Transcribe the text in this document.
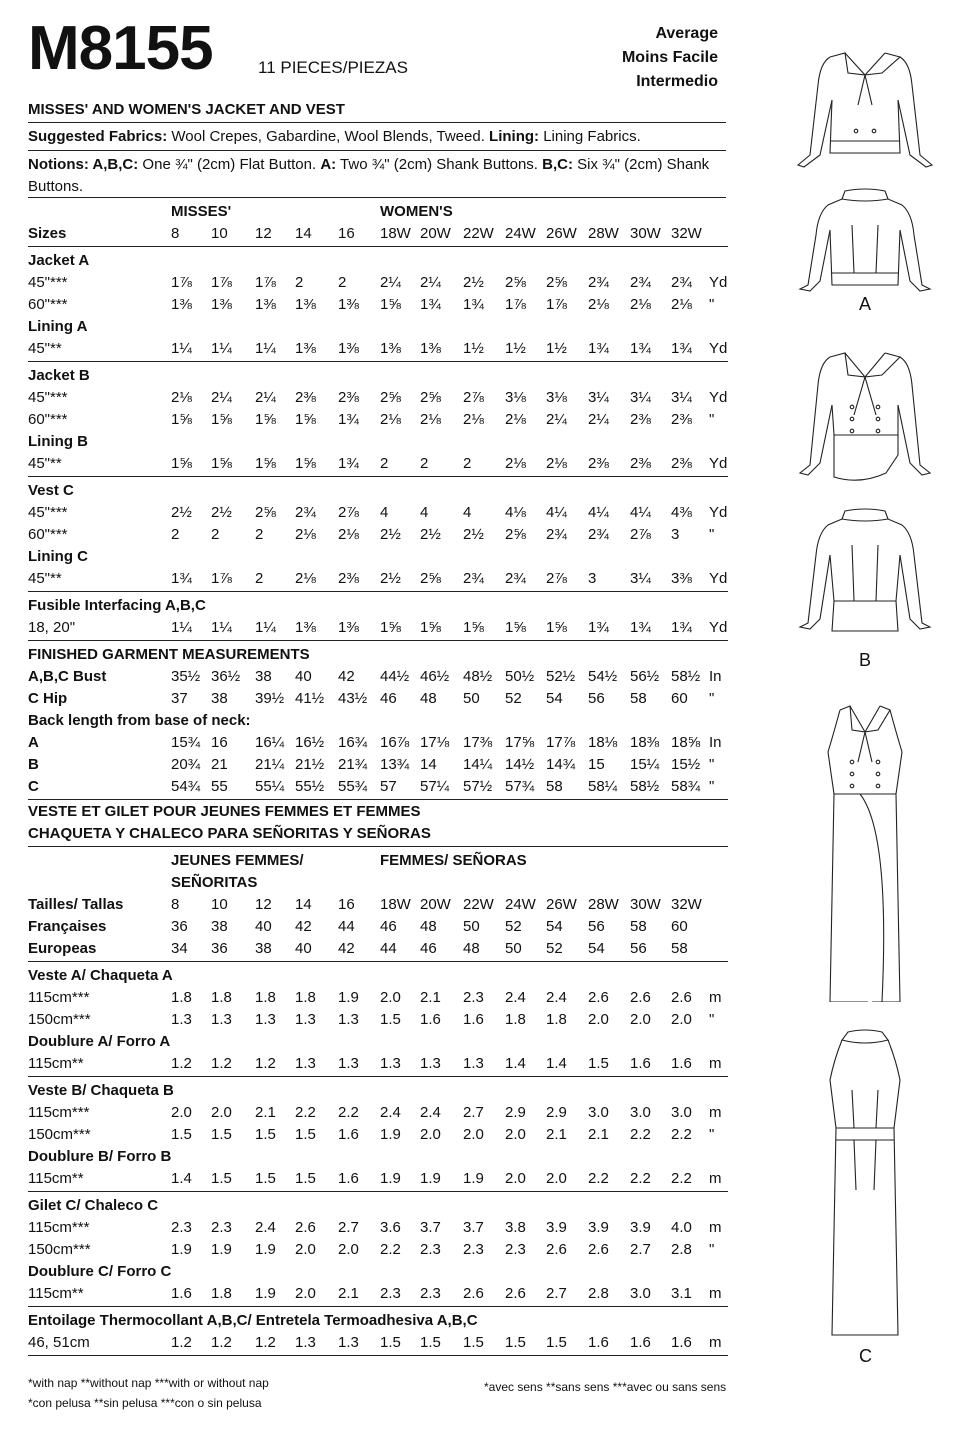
M8155	11 PIECES/PIEZAS
Average
Moins Facile
Intermedio
MISSES' AND WOMEN'S JACKET AND VEST
Suggested Fabrics: Wool Crepes, Gabardine, Wool Blends, Tweed. Lining: Lining Fabrics.
Notions: A,B,C: One ¾" (2cm) Flat Button. A: Two ¾" (2cm) Shank Buttons. B,C: Six ¾" (2cm) Shank Buttons.
MISSES'	WOMEN'S
Sizes	8 10 12 14 16 18W 20W 22W 24W 26W 28W 30W 32W
Jacket A
45"***	1⅞ 1⅞ 1⅞ 2 2 2¼ 2¼ 2½ 2⅝ 2⅝ 2¾ 2¾ 2¾ Yd
60"***	1⅜ 1⅜ 1⅜ 1⅜ 1⅜ 1⅝ 1¾ 1¾ 1⅞ 1⅞ 2⅛ 2⅛ 2⅛ "
Lining A
45"**	1¼ 1¼ 1¼ 1⅜ 1⅜ 1⅜ 1⅜ 1½ 1½ 1½ 1¾ 1¾ 1¾ Yd
Jacket B
45"***	2⅛ 2¼ 2¼ 2⅜ 2⅜ 2⅝ 2⅝ 2⅞ 3⅛ 3⅛ 3¼ 3¼ 3¼ Yd
60"***	1⅝ 1⅝ 1⅝ 1⅝ 1¾ 2⅛ 2⅛ 2⅛ 2⅛ 2¼ 2¼ 2⅜ 2⅜ "
Lining B
45"**	1⅝ 1⅝ 1⅝ 1⅝ 1¾ 2 2 2 2⅛ 2⅛ 2⅜ 2⅜ 2⅜ Yd
Vest C
45"***	2½ 2½ 2⅝ 2¾ 2⅞ 4 4 4 4⅛ 4¼ 4¼ 4¼ 4⅜ Yd
60"***	2 2 2 2⅛ 2⅛ 2½ 2½ 2½ 2⅝ 2¾ 2¾ 2⅞ 3 "
Lining C
45"**	1¾ 1⅞ 2 2⅛ 2⅜ 2½ 2⅝ 2¾ 2¾ 2⅞ 3 3¼ 3⅜ Yd
Fusible Interfacing A,B,C
18, 20"	1¼ 1¼ 1¼ 1⅜ 1⅜ 1⅝ 1⅝ 1⅝ 1⅝ 1⅝ 1¾ 1¾ 1¾ Yd
FINISHED GARMENT MEASUREMENTS
A,B,C Bust	35½ 36½ 38 40 42 44½ 46½ 48½ 50½ 52½ 54½ 56½ 58½ In
C Hip	37 38 39½ 41½ 43½ 46 48 50 52 54 56 58 60 "
Back length from base of neck:
A	15¾ 16 16¼ 16½ 16¾ 16⅞ 17⅛ 17⅜ 17⅝ 17⅞ 18⅛ 18⅜ 18⅝ In
B	20¾ 21 21¼ 21½ 21¾ 13¾ 14 14¼ 14½ 14¾ 15 15¼ 15½ "
C	54¾ 55 55¼ 55½ 55¾ 57 57¼ 57½ 57¾ 58 58¼ 58½ 58¾ "
VESTE ET GILET POUR JEUNES FEMMES ET FEMMES
CHAQUETA Y CHALECO PARA SEÑORITAS Y SEÑORAS
JEUNES FEMMES/	FEMMES/ SEÑORAS
SEÑORITAS
Tailles/ Tallas	8 10 12 14 16 18W 20W 22W 24W 26W 28W 30W 32W
Françaises	36 38 40 42 44 46 48 50 52 54 56 58 60
Europeas	34 36 38 40 42 44 46 48 50 52 54 56 58
Veste A/ Chaqueta A
115cm***	1.8 1.8 1.8 1.8 1.9 2.0 2.1 2.3 2.4 2.4 2.6 2.6 2.6 m
150cm***	1.3 1.3 1.3 1.3 1.3 1.5 1.6 1.6 1.8 1.8 2.0 2.0 2.0 "
Doublure A/ Forro A
115cm**	1.2 1.2 1.2 1.3 1.3 1.3 1.3 1.3 1.4 1.4 1.5 1.6 1.6 m
Veste B/ Chaqueta B
115cm***	2.0 2.0 2.1 2.2 2.2 2.4 2.4 2.7 2.9 2.9 3.0 3.0 3.0 m
150cm***	1.5 1.5 1.5 1.5 1.6 1.9 2.0 2.0 2.0 2.1 2.1 2.2 2.2 "
Doublure B/ Forro B
115cm**	1.4 1.5 1.5 1.5 1.6 1.9 1.9 1.9 2.0 2.0 2.2 2.2 2.2 m
Gilet C/ Chaleco C
115cm***	2.3 2.3 2.4 2.6 2.7 3.6 3.7 3.7 3.8 3.9 3.9 3.9 4.0 m
150cm***	1.9 1.9 1.9 2.0 2.0 2.2 2.3 2.3 2.3 2.6 2.6 2.7 2.8 "
Doublure C/ Forro C
115cm**	1.6 1.8 1.9 2.0 2.1 2.3 2.3 2.6 2.6 2.7 2.8 3.0 3.1 m
Entoilage Thermocollant A,B,C/ Entretela Termoadhesiva A,B,C
46, 51cm	1.2 1.2 1.2 1.3 1.3 1.5 1.5 1.5 1.5 1.5 1.6 1.6 1.6 m
*with nap **without nap ***with or without nap
*con pelusa **sin pelusa ***con o sin pelusa
*avec sens **sans sens ***avec ou sans sens
A
B
C
